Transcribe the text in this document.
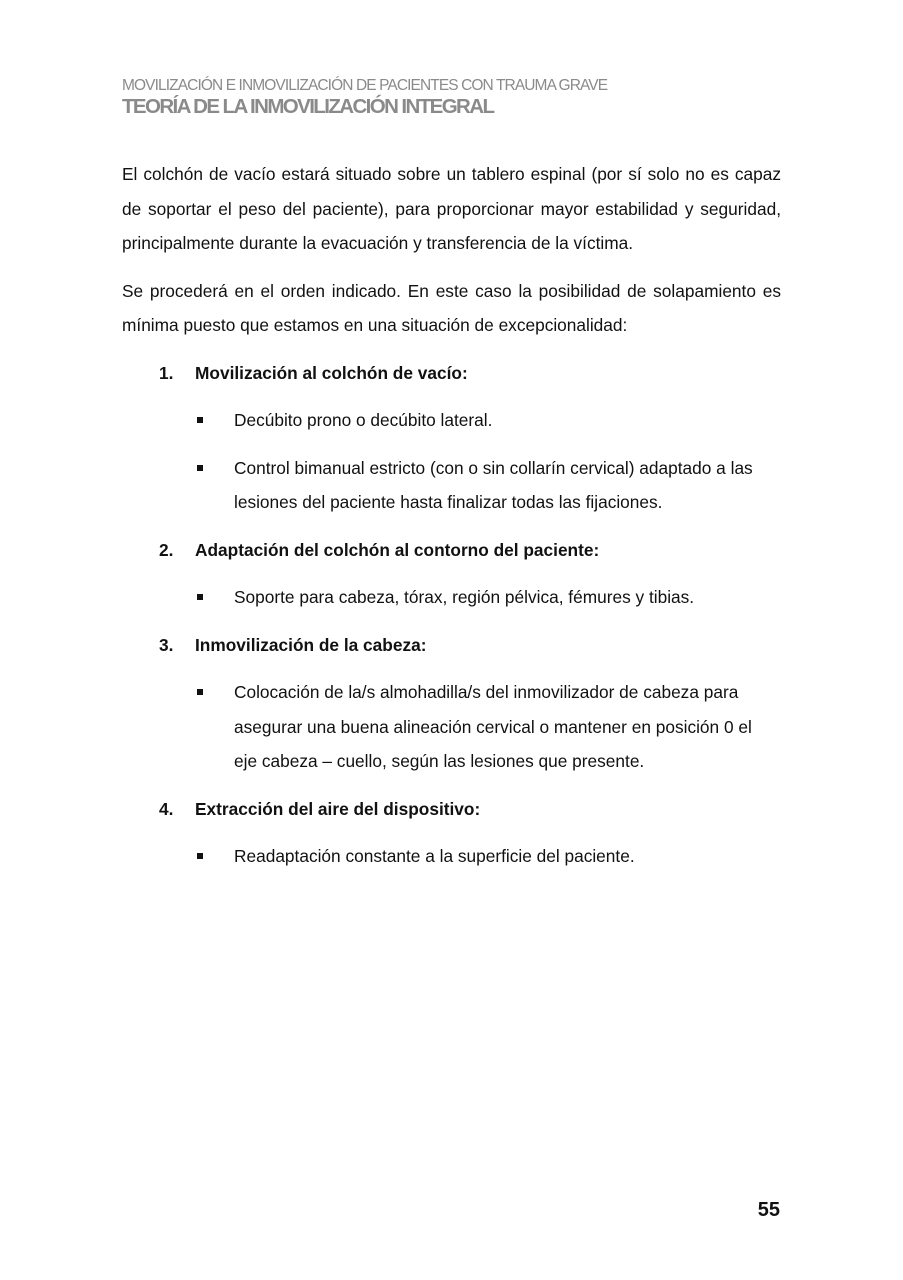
MOVILIZACIÓN E INMOVILIZACIÓN DE PACIENTES CON TRAUMA GRAVE
TEORÍA DE LA INMOVILIZACIÓN INTEGRAL

El colchón de vacío estará situado sobre un tablero espinal (por sí solo no es capaz de soportar el peso del paciente), para proporcionar mayor estabilidad y seguridad, principalmente durante la evacuación y transferencia de la víctima.

Se procederá en el orden indicado. En este caso la posibilidad de solapamiento es mínima puesto que estamos en una situación de excepcionalidad:

1. Movilización al colchón de vacío:
Decúbito prono o decúbito lateral.
Control bimanual estricto (con o sin collarín cervical) adaptado a las lesiones del paciente hasta finalizar todas las fijaciones.
2. Adaptación del colchón al contorno del paciente:
Soporte para cabeza, tórax, región pélvica, fémures y tibias.
3. Inmovilización de la cabeza:
Colocación de la/s almohadilla/s del inmovilizador de cabeza para asegurar una buena alineación cervical o mantener en posición 0 el eje cabeza – cuello, según las lesiones que presente.
4. Extracción del aire del dispositivo:
Readaptación constante a la superficie del paciente.
55
